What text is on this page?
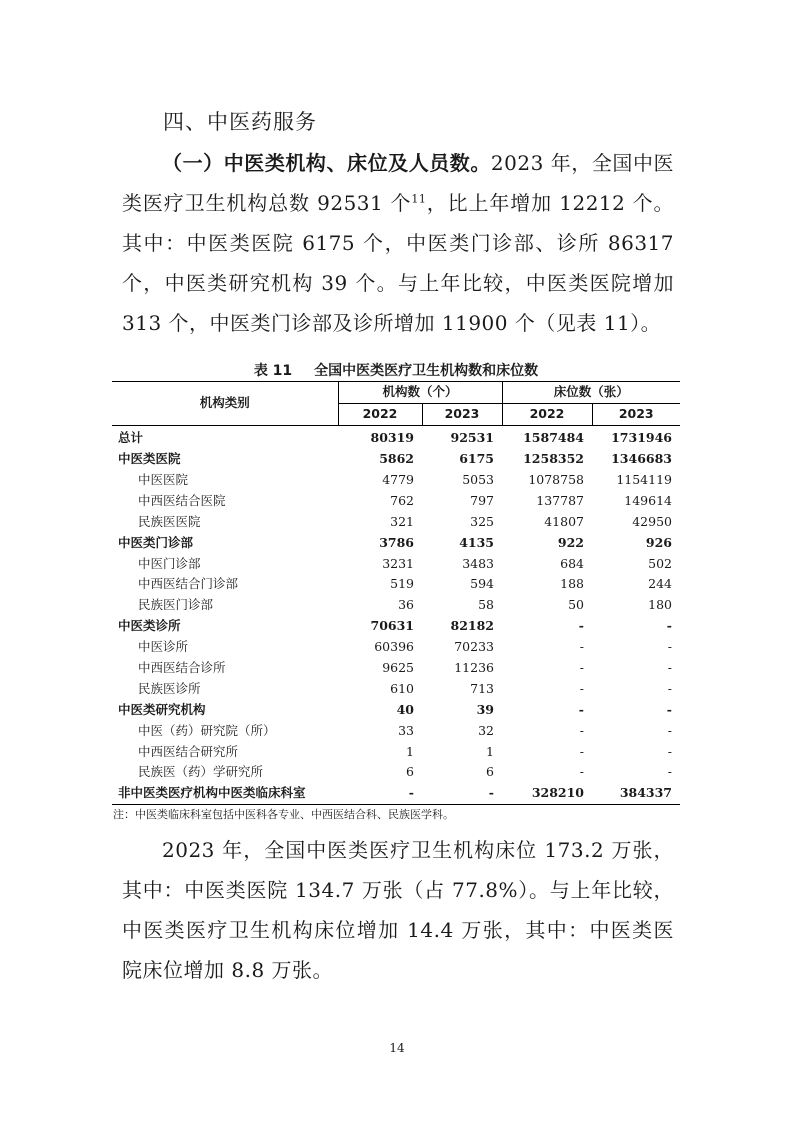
四、中医药服务
（一）中医类机构、床位及人员数。2023 年，全国中医类医疗卫生机构总数 92531 个$^{11}$，比上年增加 12212 个。其中：中医类医院 6175 个，中医类门诊部、诊所 86317 个，中医类研究机构 39 个。与上年比较，中医类医院增加 313 个，中医类门诊部及诊所增加 11900 个（见表 11）。
表 11 全国中医类医疗卫生机构数和床位数
机构类别	机构数（个）		床位数（张）	
	2022	2023	2022	2023
总计	80319	92531	1587484	1731946
中医类医院	5862	6175	1258352	1346683
中医医院	4779	5053	1078758	1154119
中西医结合医院	762	797	137787	149614
民族医医院	321	325	41807	42950
中医类门诊部	3786	4135	922	926
中医门诊部	3231	3483	684	502
中西医结合门诊部	519	594	188	244
民族医门诊部	36	58	50	180
中医类诊所	70631	82182	-	-
中医诊所	60396	70233	-	-
中西医结合诊所	9625	11236	-	-
民族医诊所	610	713	-	-
中医类研究机构	40	39	-	-
中医（药）研究院（所）	33	32	-	-
中西医结合研究所	1	1	-	-
民族医（药）学研究所	6	6	-	-
非中医类医疗机构中医类临床科室	-	-	328210	384337
注：中医类临床科室包括中医科各专业、中西医结合科、民族医学科。
2023 年，全国中医类医疗卫生机构床位 173.2 万张，其中：中医类医院 134.7 万张（占 77.8%）。与上年比较，中医类医疗卫生机构床位增加 14.4 万张，其中：中医类医院床位增加 8.8 万张。
14
